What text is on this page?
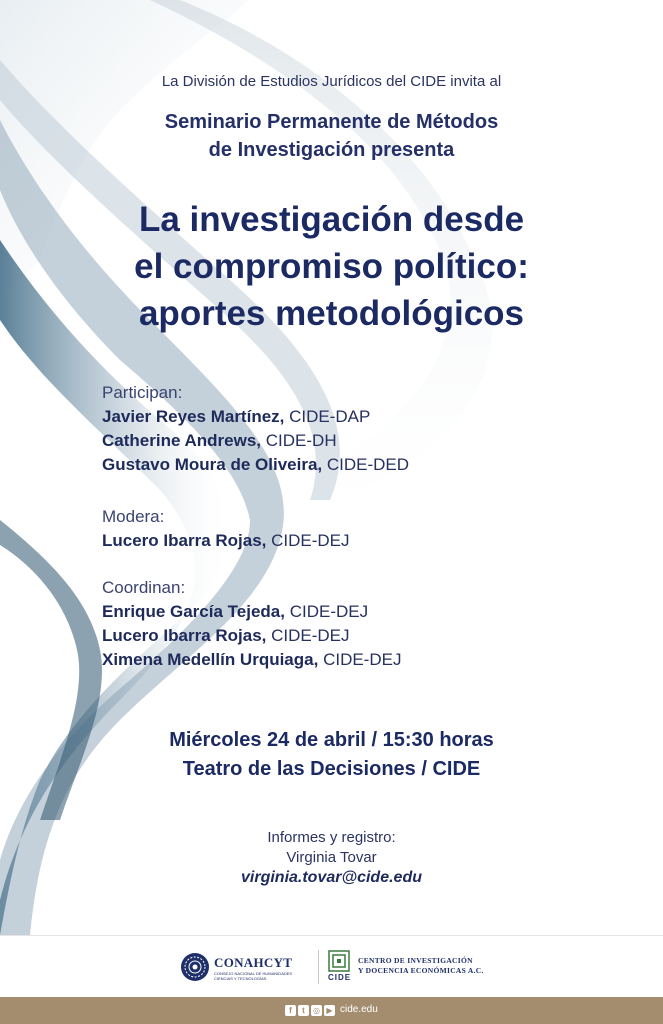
La División de Estudios Jurídicos del CIDE invita al
Seminario Permanente de Métodos
de Investigación presenta
La investigación desde
el compromiso político:
aportes metodológicos
Participan:
Javier Reyes Martínez, CIDE-DAP
Catherine Andrews, CIDE-DH
Gustavo Moura de Oliveira, CIDE-DED
Modera:
Lucero Ibarra Rojas, CIDE-DEJ
Coordinan:
Enrique García Tejeda, CIDE-DEJ
Lucero Ibarra Rojas, CIDE-DEJ
Ximena Medellín Urquiaga, CIDE-DEJ
Miércoles 24 de abril / 15:30 horas
Teatro de las Decisiones / CIDE
Informes y registro:
Virginia Tovar
virginia.tovar@cide.edu
CONAHCYT
CONSEJO NACIONAL DE HUMANIDADES CIENCIAS Y TECNOLOGÍAS	CIDE
CENTRO DE INVESTIGACIÓN
Y DOCENCIA ECONÓMICAS A.C.
f	t	◎ ▶ cide.edu
